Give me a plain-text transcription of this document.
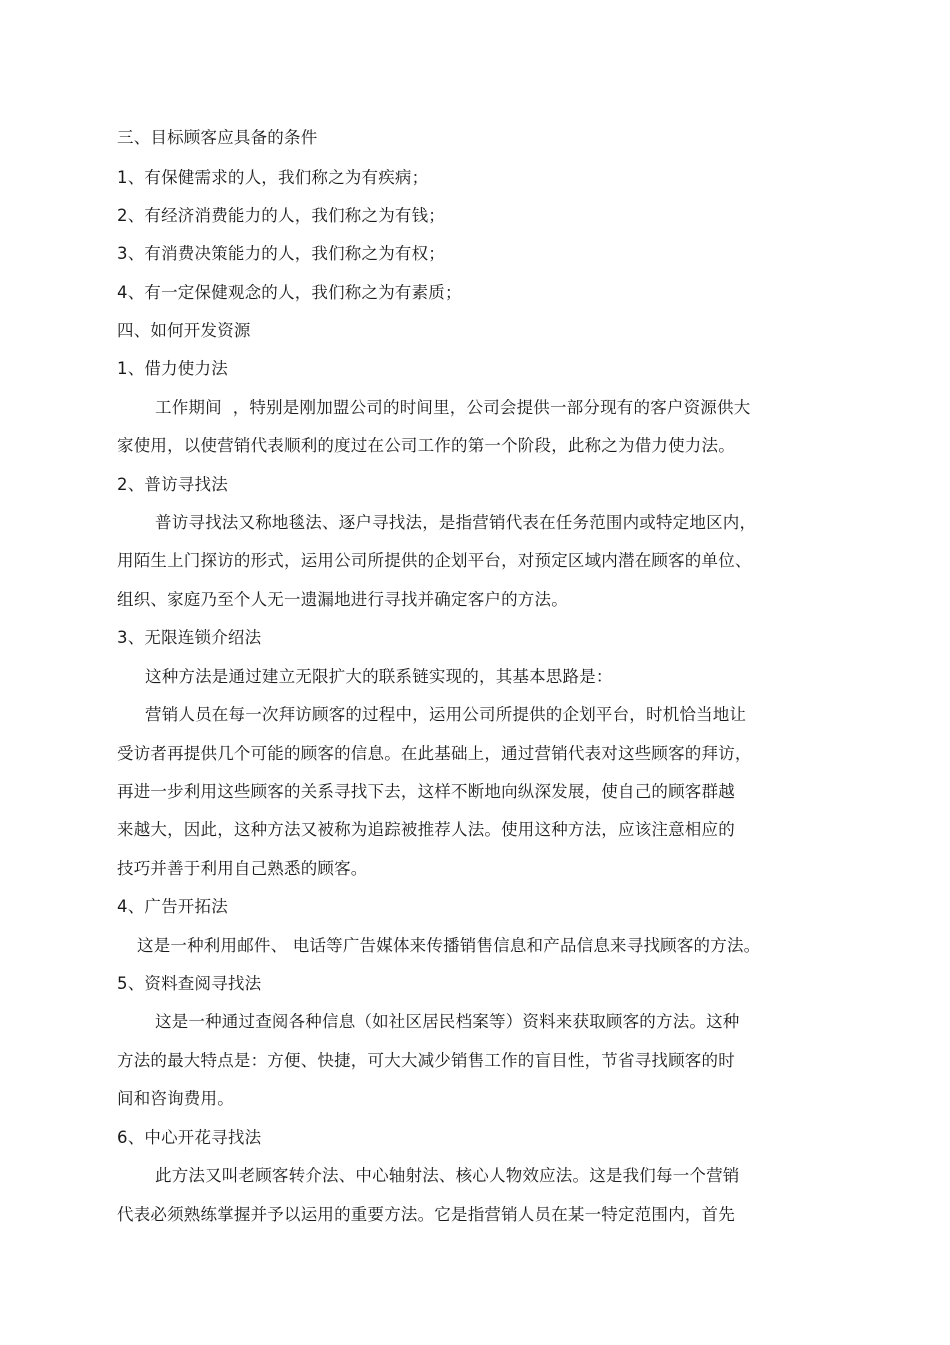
三、目标顾客应具备的条件
1、有保健需求的人，我们称之为有疾病；
2、有经济消费能力的人，我们称之为有钱；
3、有消费决策能力的人，我们称之为有权；
4、有一定保健观念的人，我们称之为有素质；
四、如何开发资源
1、借力使力法
工作期间  ，特别是刚加盟公司的时间里，公司会提供一部分现有的客户资源供大
家使用，以使营销代表顺利的度过在公司工作的第一个阶段，此称之为借力使力法。
2、普访寻找法
普访寻找法又称地毯法、逐户寻找法，是指营销代表在任务范围内或特定地区内，
用陌生上门探访的形式，运用公司所提供的企划平台，对预定区域内潜在顾客的单位、
组织、家庭乃至个人无一遗漏地进行寻找并确定客户的方法。
3、无限连锁介绍法
这种方法是通过建立无限扩大的联系链实现的，其基本思路是：
营销人员在每一次拜访顾客的过程中，运用公司所提供的企划平台，时机恰当地让
受访者再提供几个可能的顾客的信息。在此基础上，通过营销代表对这些顾客的拜访，
再进一步利用这些顾客的关系寻找下去，这样不断地向纵深发展，使自己的顾客群越
来越大，因此，这种方法又被称为追踪被推荐人法。使用这种方法，应该注意相应的
技巧并善于利用自己熟悉的顾客。
4、广告开拓法
这是一种利用邮件、 电话等广告媒体来传播销售信息和产品信息来寻找顾客的方法。
5、资料查阅寻找法
这是一种通过查阅各种信息（如社区居民档案等）资料来获取顾客的方法。这种
方法的最大特点是：方便、快捷，可大大减少销售工作的盲目性，节省寻找顾客的时
间和咨询费用。
6、中心开花寻找法
此方法又叫老顾客转介法、中心轴射法、核心人物效应法。这是我们每一个营销
代表必须熟练掌握并予以运用的重要方法。它是指营销人员在某一特定范围内，首先
